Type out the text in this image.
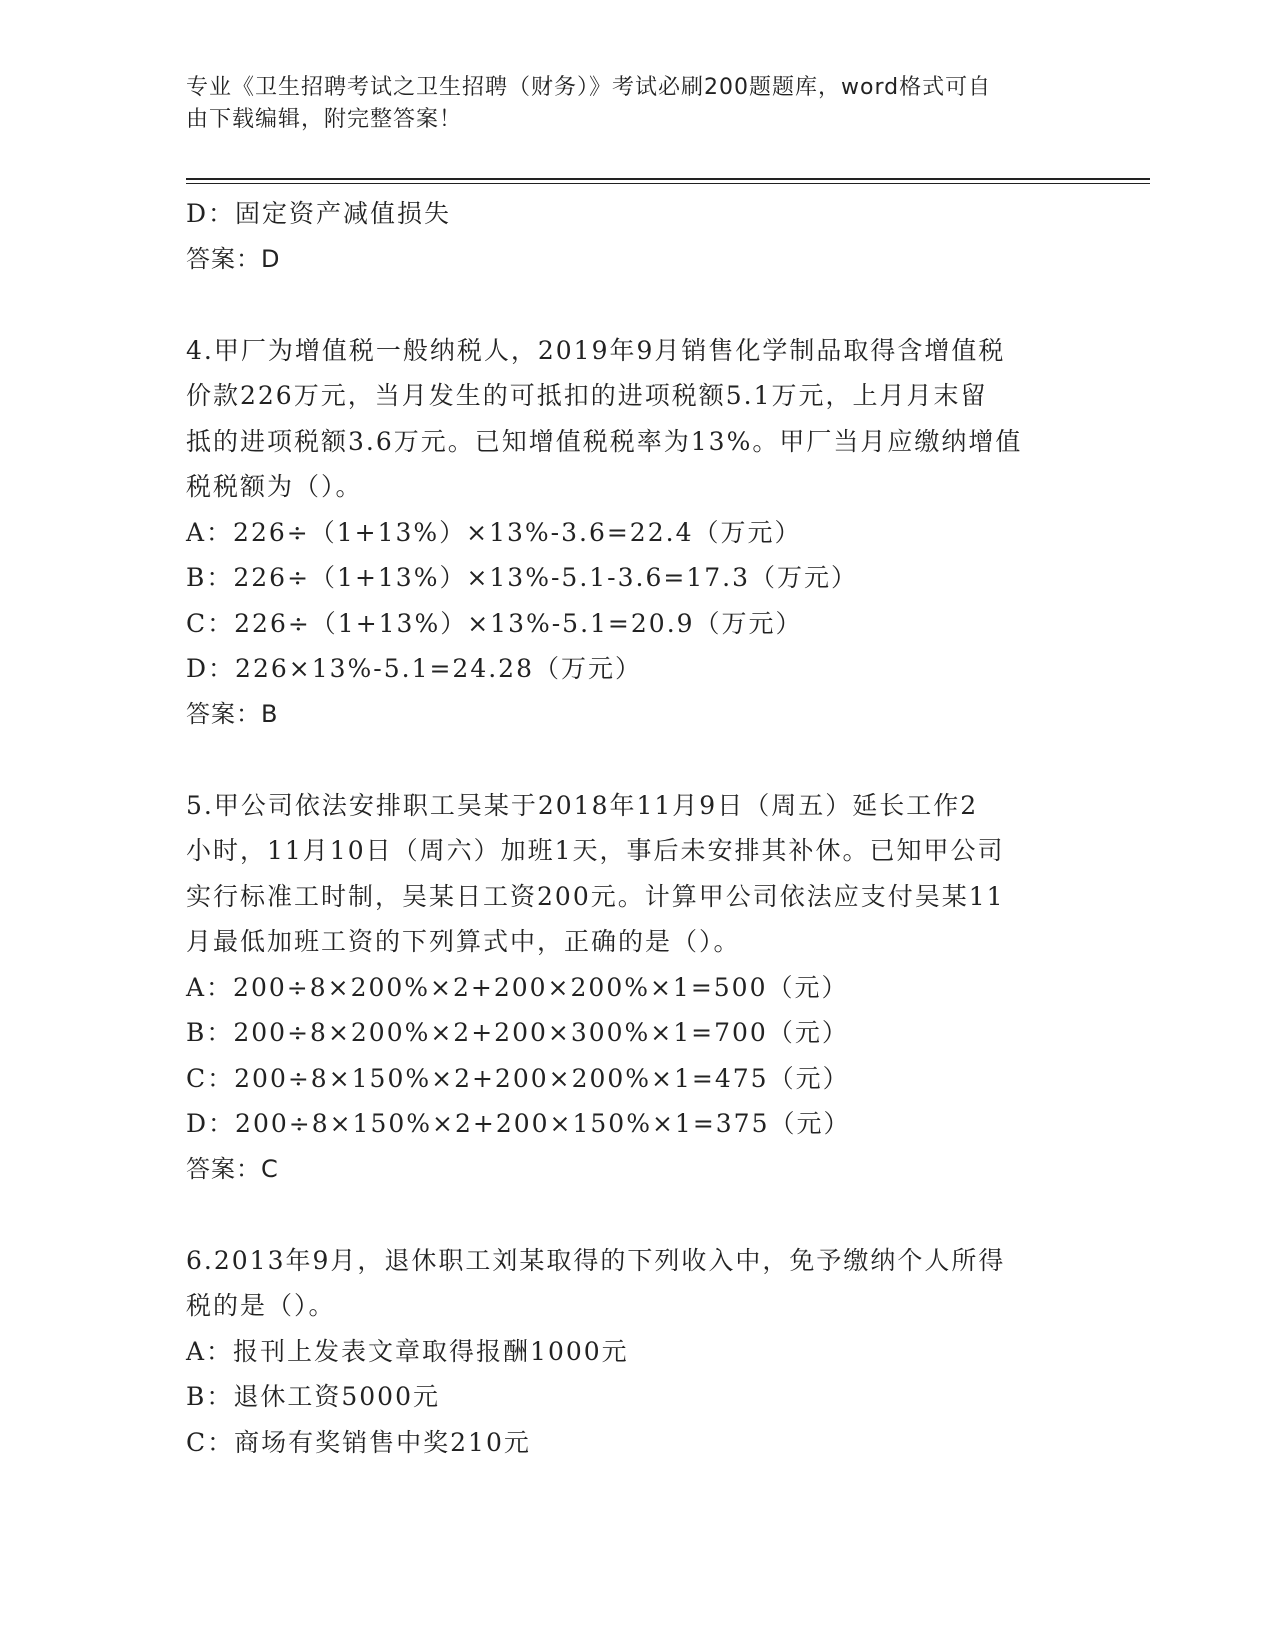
专业《卫生招聘考试之卫生招聘（财务）》考试必刷200题题库，word格式可自
由下载编辑，附完整答案！
D：固定资产减值损失
答案：D
4.甲厂为增值税一般纳税人，2019年9月销售化学制品取得含增值税
价款226万元，当月发生的可抵扣的进项税额5.1万元，上月月末留
抵的进项税额3.6万元。已知增值税税率为13%。甲厂当月应缴纳增值
税税额为（）。
A：226÷（1+13%）×13%-3.6=22.4（万元）
B：226÷（1+13%）×13%-5.1-3.6=17.3（万元）
C：226÷（1+13%）×13%-5.1=20.9（万元）
D：226×13%-5.1=24.28（万元）
答案：B
5.甲公司依法安排职工吴某于2018年11月9日（周五）延长工作2
小时，11月10日（周六）加班1天，事后未安排其补休。已知甲公司
实行标准工时制，吴某日工资200元。计算甲公司依法应支付吴某11
月最低加班工资的下列算式中，正确的是（）。
A：200÷8×200%×2+200×200%×1=500（元）
B：200÷8×200%×2+200×300%×1=700（元）
C：200÷8×150%×2+200×200%×1=475（元）
D：200÷8×150%×2+200×150%×1=375（元）
答案：C
6.2013年9月，退休职工刘某取得的下列收入中，免予缴纳个人所得
税的是（）。
A：报刊上发表文章取得报酬1000元
B：退休工资5000元
C：商场有奖销售中奖210元
